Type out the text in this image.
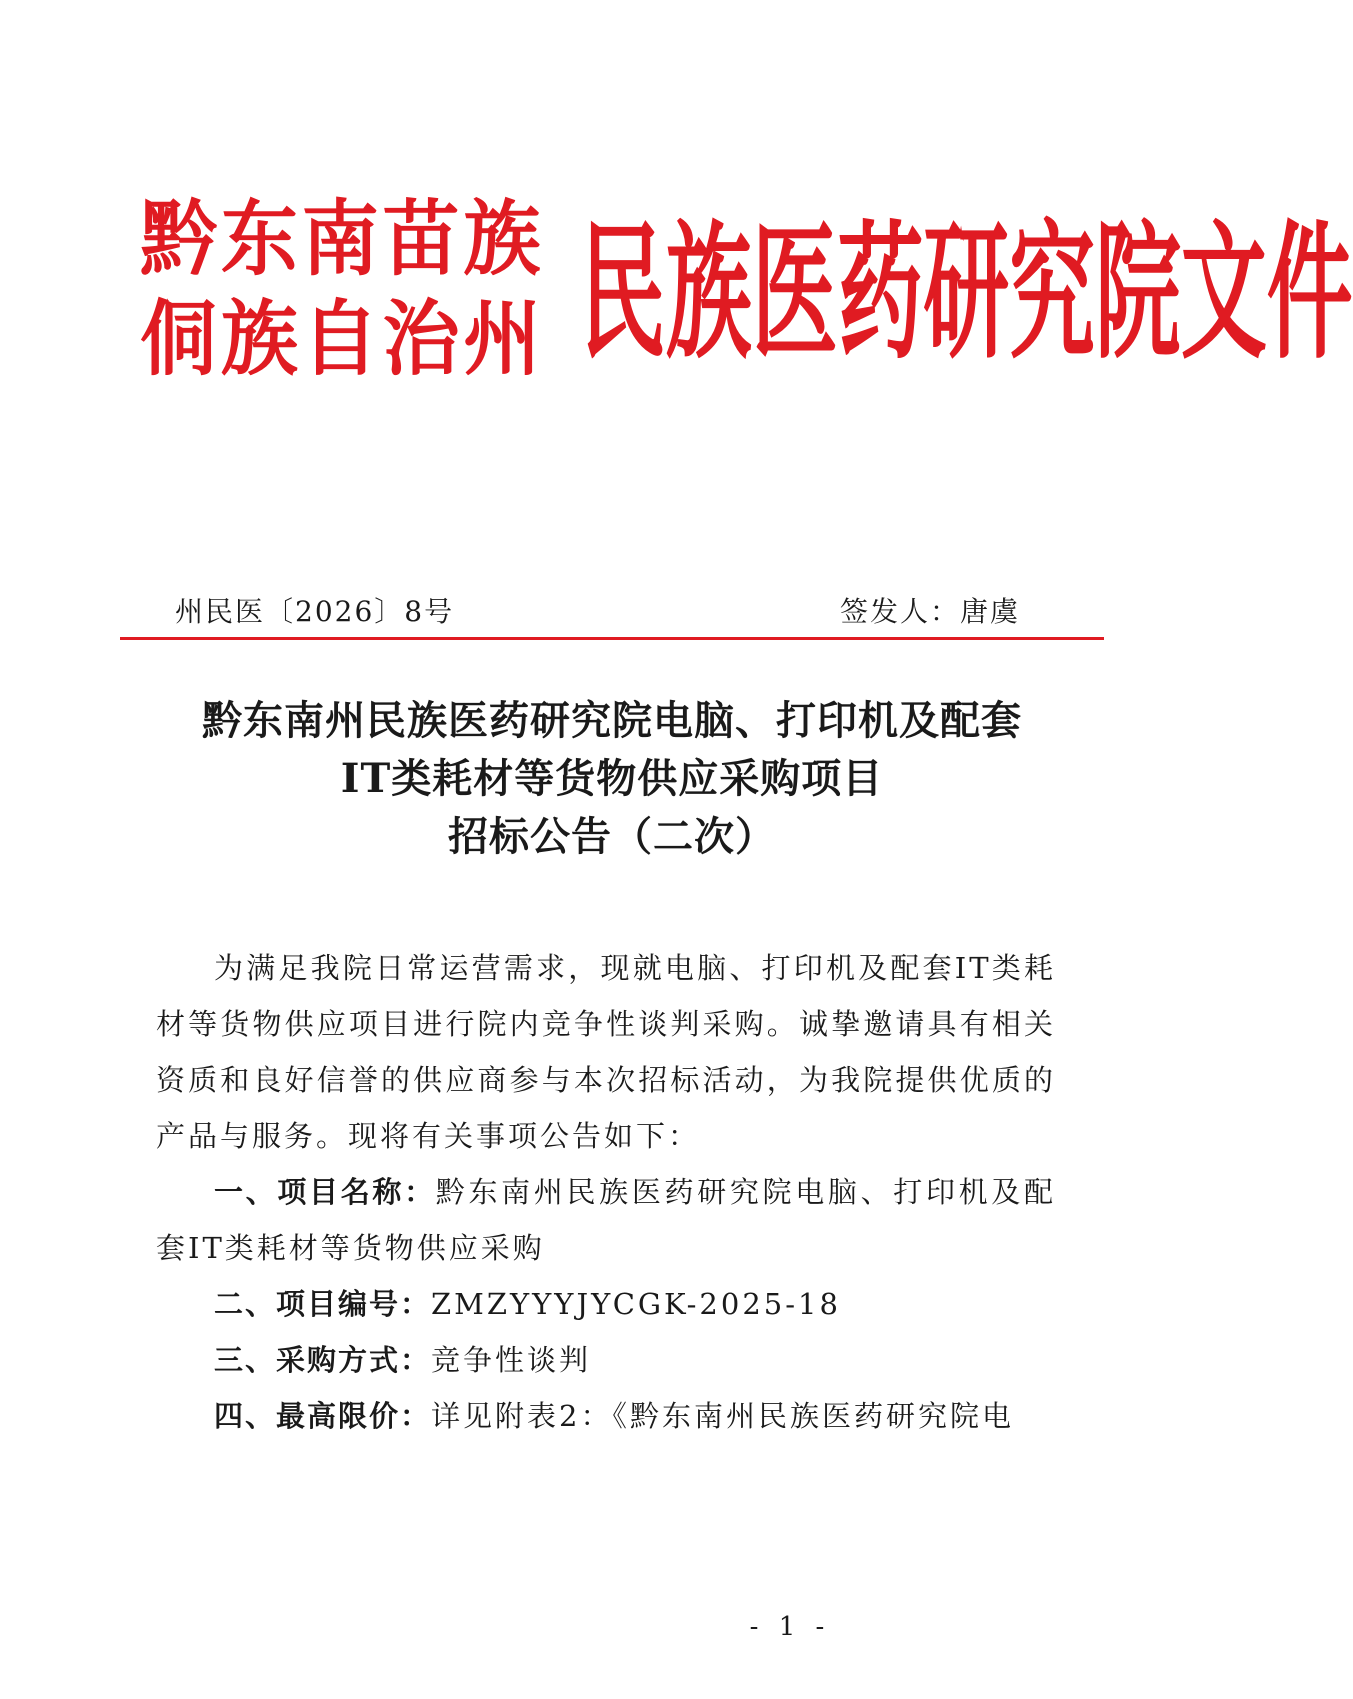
黔东南苗族
侗族自治州 民族医药研究院文件
州民医〔2026〕8号	签发人：唐虞
黔东南州民族医药研究院电脑、打印机及配套
IT类耗材等货物供应采购项目
招标公告（二次）

为满足我院日常运营需求，现就电脑、打印机及配套IT类耗材等货物供应项目进行院内竞争性谈判采购。诚挚邀请具有相关资质和良好信誉的供应商参与本次招标活动，为我院提供优质的产品与服务。现将有关事项公告如下：

一、项目名称：黔东南州民族医药研究院电脑、打印机及配套IT类耗材等货物供应采购

二、项目编号：ZMZYYYJYCGK-2025-18

三、采购方式：竞争性谈判

四、最高限价：详见附表2：《黔东南州民族医药研究院电

- 1 -
